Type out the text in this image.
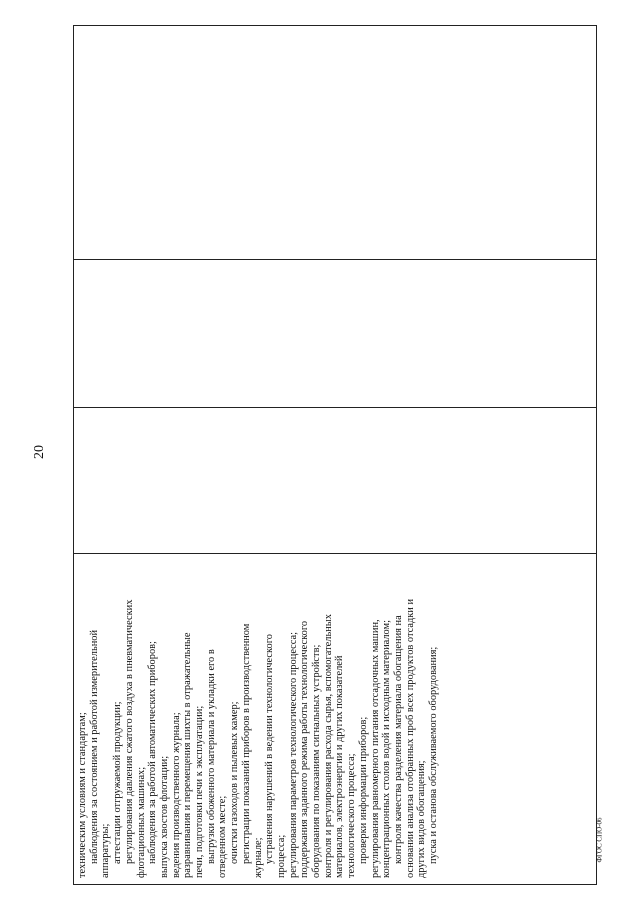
20

техническим условиям и стандартам; наблюдения за состоянием и работой измерительной аппаратуры; аттестации отгружаемой продукции; регулирования давления сжатого воздуха в пневматических флотационных машинах; наблюдения за работой автоматических приборов; выпуска хвостов флотации; ведения производственного журнала; разравнивания и перемещения шихты в отражательные печи, подготовки печи к эксплуатации; выгрузки обоженного материала и укладки его в отведенном месте; очистки газоходов и пылевых камер; регистрации показаний приборов в производственном журнале; устранения нарушений в ведении технологического процесса; регулирования параметров технологического процесса; поддержания заданного режима работы технологического оборудования по показаниям сигнальных устройств; контроля и регулирования расхода сырья, вспомогательных материалов, электроэнергии и других показателей технологического процесса; проверки информации приборов; регулирования равномерного питания отсадочных машин, концентрационных столов водой и исходным материалом; контроля качества разделения материала обогащения на основании анализа отобранных проб всех продуктов отсадки и других видов обогащения; пуска и останова обслуживаемого оборудования;	ФГОС СПО-06
